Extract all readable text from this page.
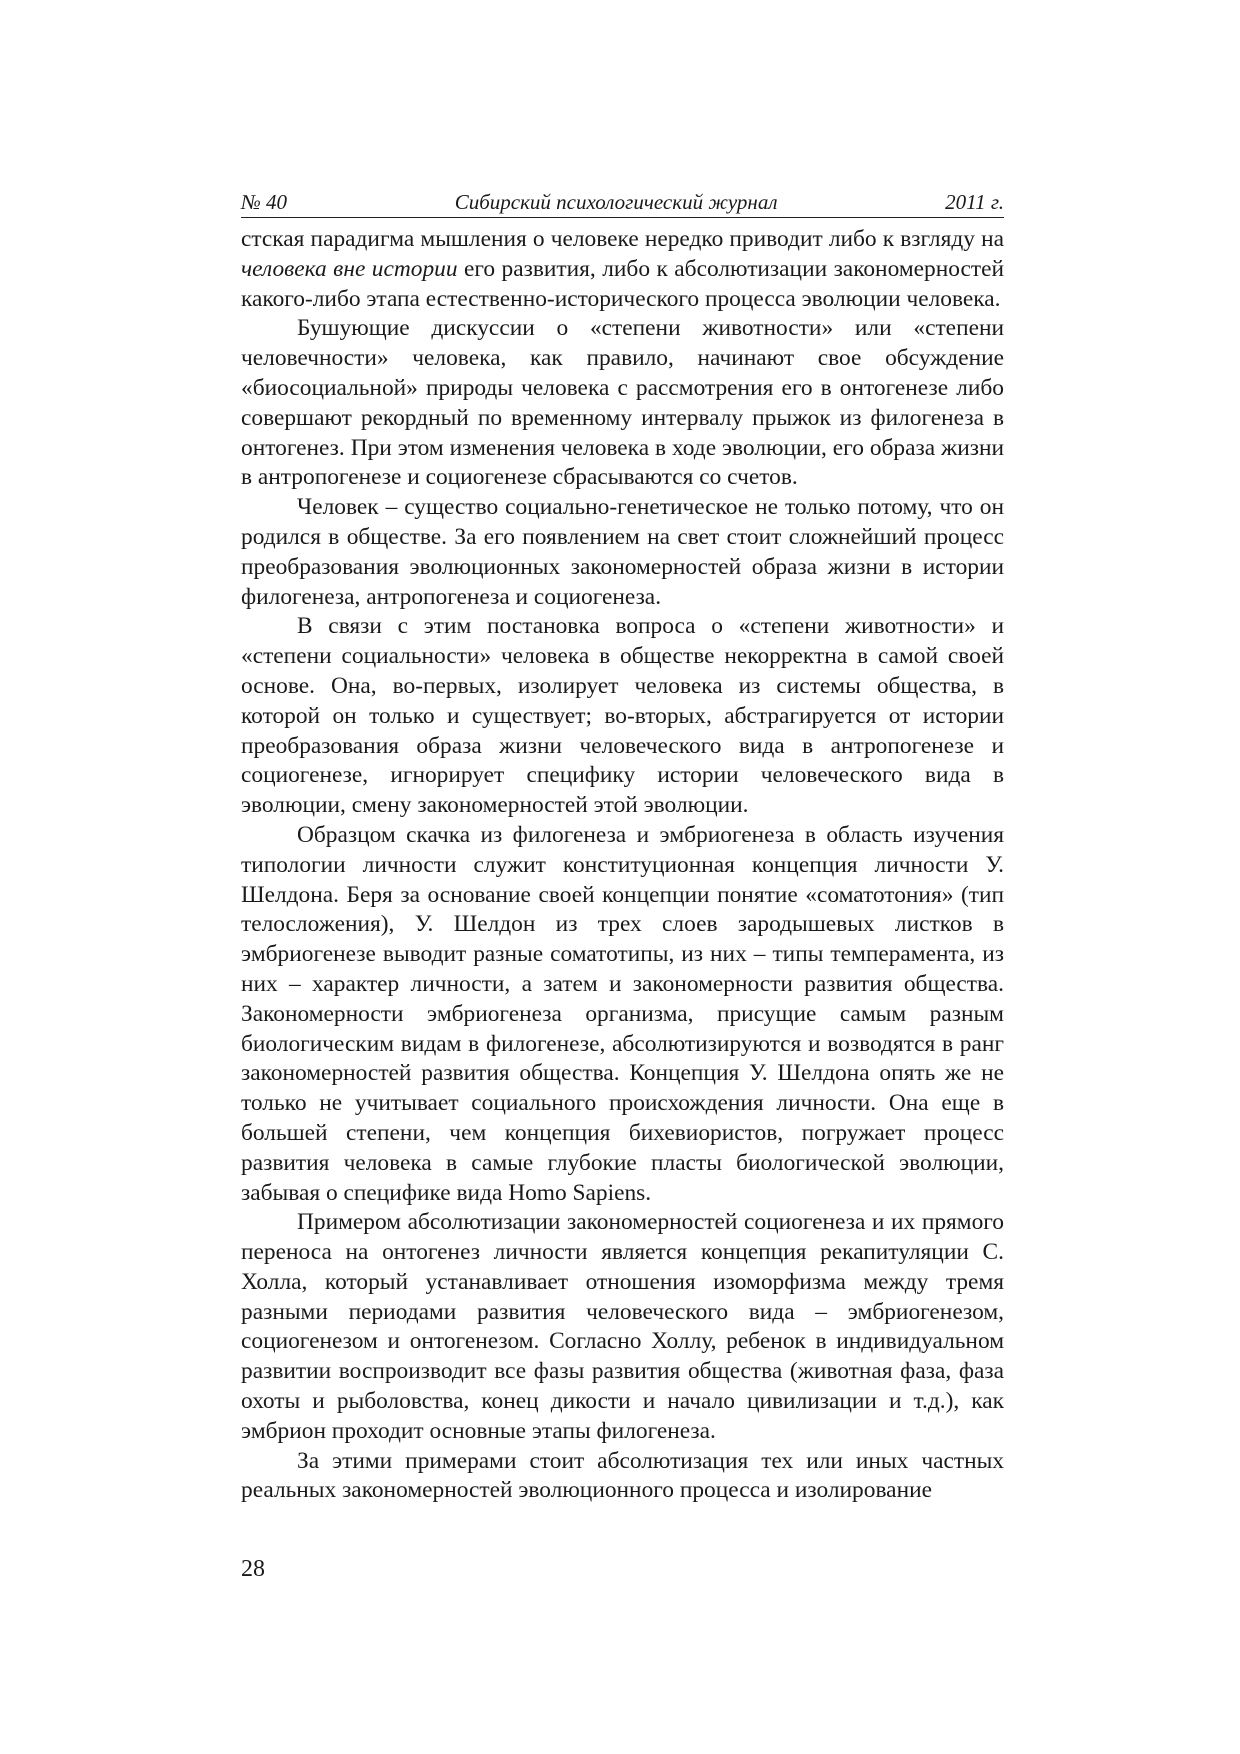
№ 40	Сибирский психологический журнал	2011 г.

стская парадигма мышления о человеке нередко приводит либо к взгляду на человека вне истории его развития, либо к абсолютизации закономерностей какого-либо этапа естественно-исторического процесса эволюции человека.

Бушующие дискуссии о «степени животности» или «степени человечности» человека, как правило, начинают свое обсуждение «биосоциальной» природы человека с рассмотрения его в онтогенезе либо совершают рекордный по временному интервалу прыжок из филогенеза в онтогенез. При этом изменения человека в ходе эволюции, его образа жизни в антропогенезе и социогенезе сбрасываются со счетов.

Человек – существо социально-генетическое не только потому, что он родился в обществе. За его появлением на свет стоит сложнейший процесс преобразования эволюционных закономерностей образа жизни в истории филогенеза, антропогенеза и социогенеза.

В связи с этим постановка вопроса о «степени животности» и «степени социальности» человека в обществе некорректна в самой своей основе. Она, во-первых, изолирует человека из системы общества, в которой он только и существует; во-вторых, абстрагируется от истории преобразования образа жизни человеческого вида в антропогенезе и социогенезе, игнорирует специфику истории человеческого вида в эволюции, смену закономерностей этой эволюции.

Образцом скачка из филогенеза и эмбриогенеза в область изучения типологии личности служит конституционная концепция личности У. Шелдона. Беря за основание своей концепции понятие «соматотония» (тип телосложения), У. Шелдон из трех слоев зародышевых листков в эмбриогенезе выводит разные соматотипы, из них – типы темперамента, из них – характер личности, а затем и закономерности развития общества. Закономерности эмбриогенеза организма, присущие самым разным биологическим видам в филогенезе, абсолютизируются и возводятся в ранг закономерностей развития общества. Концепция У. Шелдона опять же не только не учитывает социального происхождения личности. Она еще в большей степени, чем концепция бихевиористов, погружает процесс развития человека в самые глубокие пласты биологической эволюции, забывая о специфике вида Homo Sapiens.

Примером абсолютизации закономерностей социогенеза и их прямого переноса на онтогенез личности является концепция рекапитуляции С. Холла, который устанавливает отношения изоморфизма между тремя разными периодами развития человеческого вида – эмбриогенезом, социогенезом и онтогенезом. Согласно Холлу, ребенок в индивидуальном развитии воспроизводит все фазы развития общества (животная фаза, фаза охоты и рыболовства, конец дикости и начало цивилизации и т.д.), как эмбрион проходит основные этапы филогенеза.

За этими примерами стоит абсолютизация тех или иных частных реальных закономерностей эволюционного процесса и изолирование

28
